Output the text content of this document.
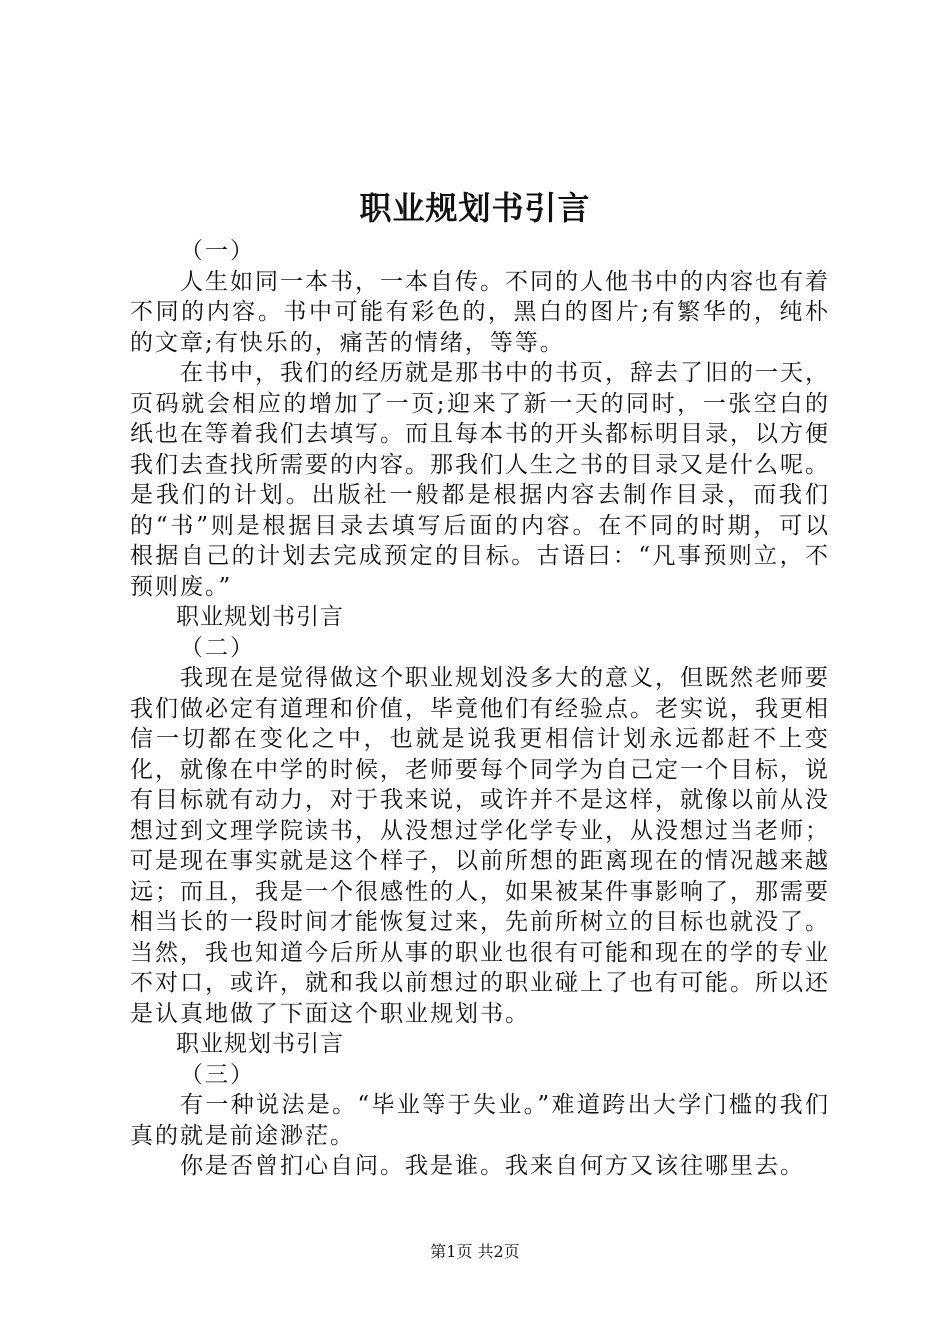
职业规划书引言

（一）

人生如同一本书，一本自传。不同的人他书中的内容也有着不同的内容。书中可能有彩色的，黑白的图片;有繁华的，纯朴的文章;有快乐的，痛苦的情绪，等等。

在书中，我们的经历就是那书中的书页，辞去了旧的一天，页码就会相应的增加了一页;迎来了新一天的同时，一张空白的纸也在等着我们去填写。而且每本书的开头都标明目录，以方便我们去查找所需要的内容。那我们人生之书的目录又是什么呢。是我们的计划。出版社一般都是根据内容去制作目录，而我们的“书”则是根据目录去填写后面的内容。在不同的时期，可以根据自己的计划去完成预定的目标。古语曰：“凡事预则立，不预则废。”

职业规划书引言

（二）

我现在是觉得做这个职业规划没多大的意义，但既然老师要我们做必定有道理和价值，毕竟他们有经验点。老实说，我更相信一切都在变化之中，也就是说我更相信计划永远都赶不上变化，就像在中学的时候，老师要每个同学为自己定一个目标，说有目标就有动力，对于我来说，或许并不是这样，就像以前从没想过到文理学院读书，从没想过学化学专业，从没想过当老师；可是现在事实就是这个样子，以前所想的距离现在的情况越来越远；而且，我是一个很感性的人，如果被某件事影响了，那需要相当长的一段时间才能恢复过来，先前所树立的目标也就没了。当然，我也知道今后所从事的职业也很有可能和现在的学的专业不对口，或许，就和我以前想过的职业碰上了也有可能。所以还是认真地做了下面这个职业规划书。

职业规划书引言

（三）

有一种说法是。“毕业等于失业。”难道跨出大学门槛的我们真的就是前途渺茫。

你是否曾扪心自问。我是谁。我来自何方又该往哪里去。

第1页 共2页
